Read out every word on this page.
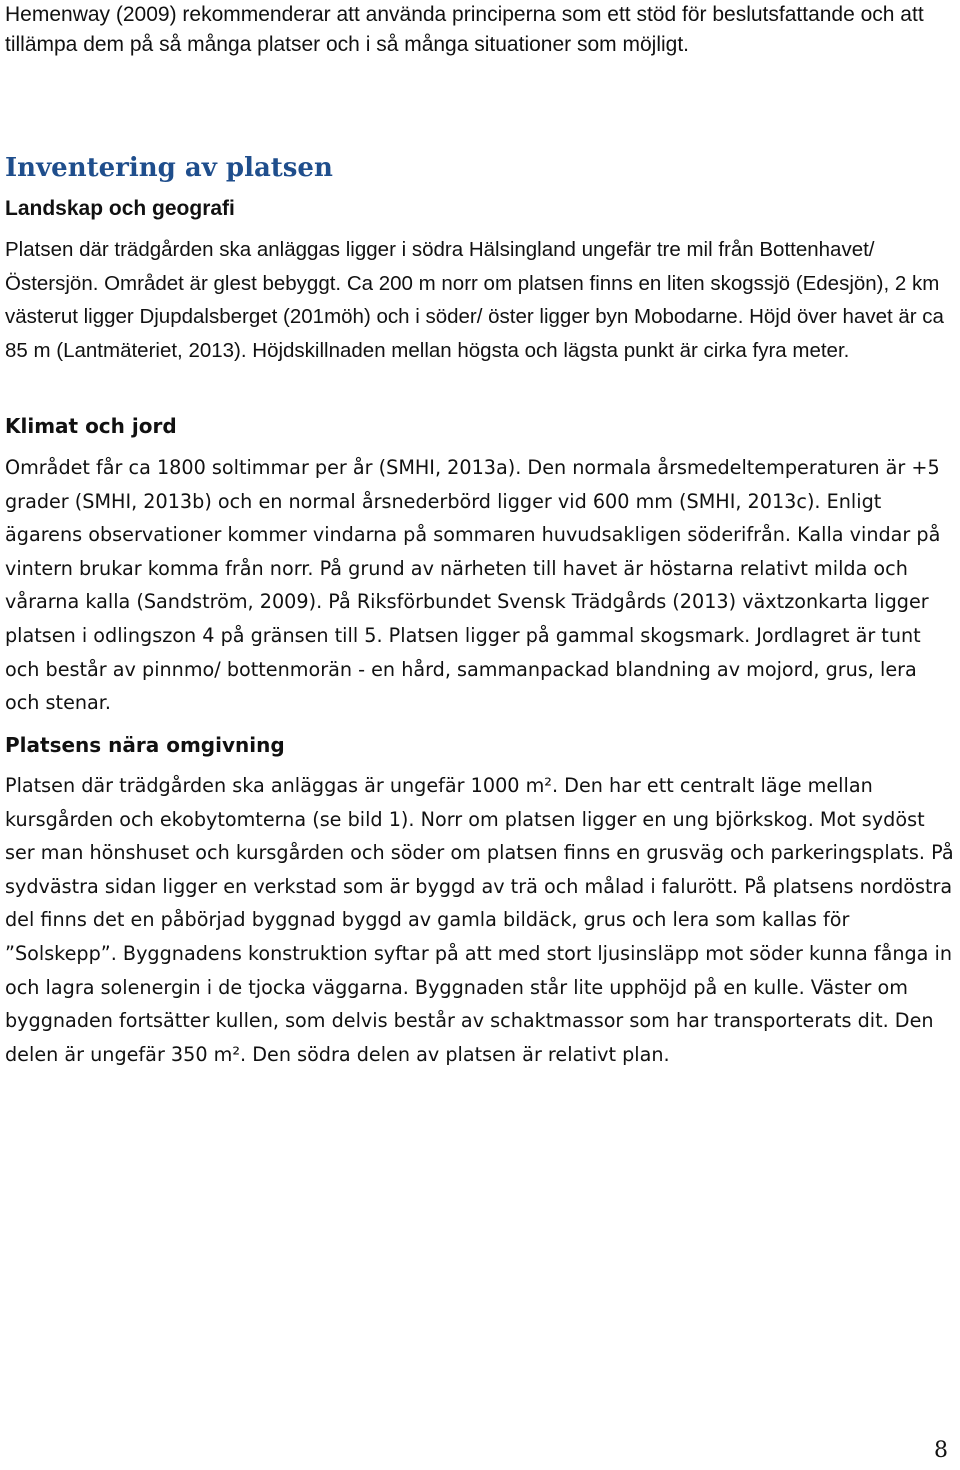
Hemenway (2009) rekommenderar att använda principerna som ett stöd för beslutsfattande och att tillämpa dem på så många platser och i så många situationer som möjligt.

Inventering av platsen
Landskap och geografi

Platsen där trädgården ska anläggas ligger i södra Hälsingland ungefär tre mil från Bottenhavet/ Östersjön. Området är glest bebyggt. Ca 200 m norr om platsen finns en liten skogssjö (Edesjön), 2 km västerut ligger Djupdalsberget (201möh) och i söder/ öster ligger byn Mobodarne. Höjd över havet är ca 85 m (Lantmäteriet, 2013). Höjdskillnaden mellan högsta och lägsta punkt är cirka fyra meter.

Klimat och jord

Området får ca 1800 soltimmar per år (SMHI, 2013a). Den normala årsmedeltemperaturen är +5 grader (SMHI, 2013b) och en normal årsnederbörd ligger vid 600 mm (SMHI, 2013c). Enligt ägarens observationer kommer vindarna på sommaren huvudsakligen söderifrån. Kalla vindar på vintern brukar komma från norr. På grund av närheten till havet är höstarna relativt milda och vårarna kalla (Sandström, 2009). På Riksförbundet Svensk Trädgårds (2013) växtzonkarta ligger platsen i odlingszon 4 på gränsen till 5. Platsen ligger på gammal skogsmark. Jordlagret är tunt och består av pinnmo/ bottenmorän - en hård, sammanpackad blandning av mojord, grus, lera och stenar.

Platsens nära omgivning

Platsen där trädgården ska anläggas är ungefär 1000 m². Den har ett centralt läge mellan kursgården och ekobytomterna (se bild 1). Norr om platsen ligger en ung björkskog. Mot sydöst ser man hönshuset och kursgården och söder om platsen finns en grusväg och parkeringsplats. På sydvästra sidan ligger en verkstad som är byggd av trä och målad i falurött. På platsens nordöstra del finns det en påbörjad byggnad byggd av gamla bildäck, grus och lera som kallas för ”Solskepp”. Byggnadens konstruktion syftar på att med stort ljusinsläpp mot söder kunna fånga in och lagra solenergin i de tjocka väggarna. Byggnaden står lite upphöjd på en kulle. Väster om byggnaden fortsätter kullen, som delvis består av schaktmassor som har transporterats dit. Den delen är ungefär 350 m². Den södra delen av platsen är relativt plan.

8
